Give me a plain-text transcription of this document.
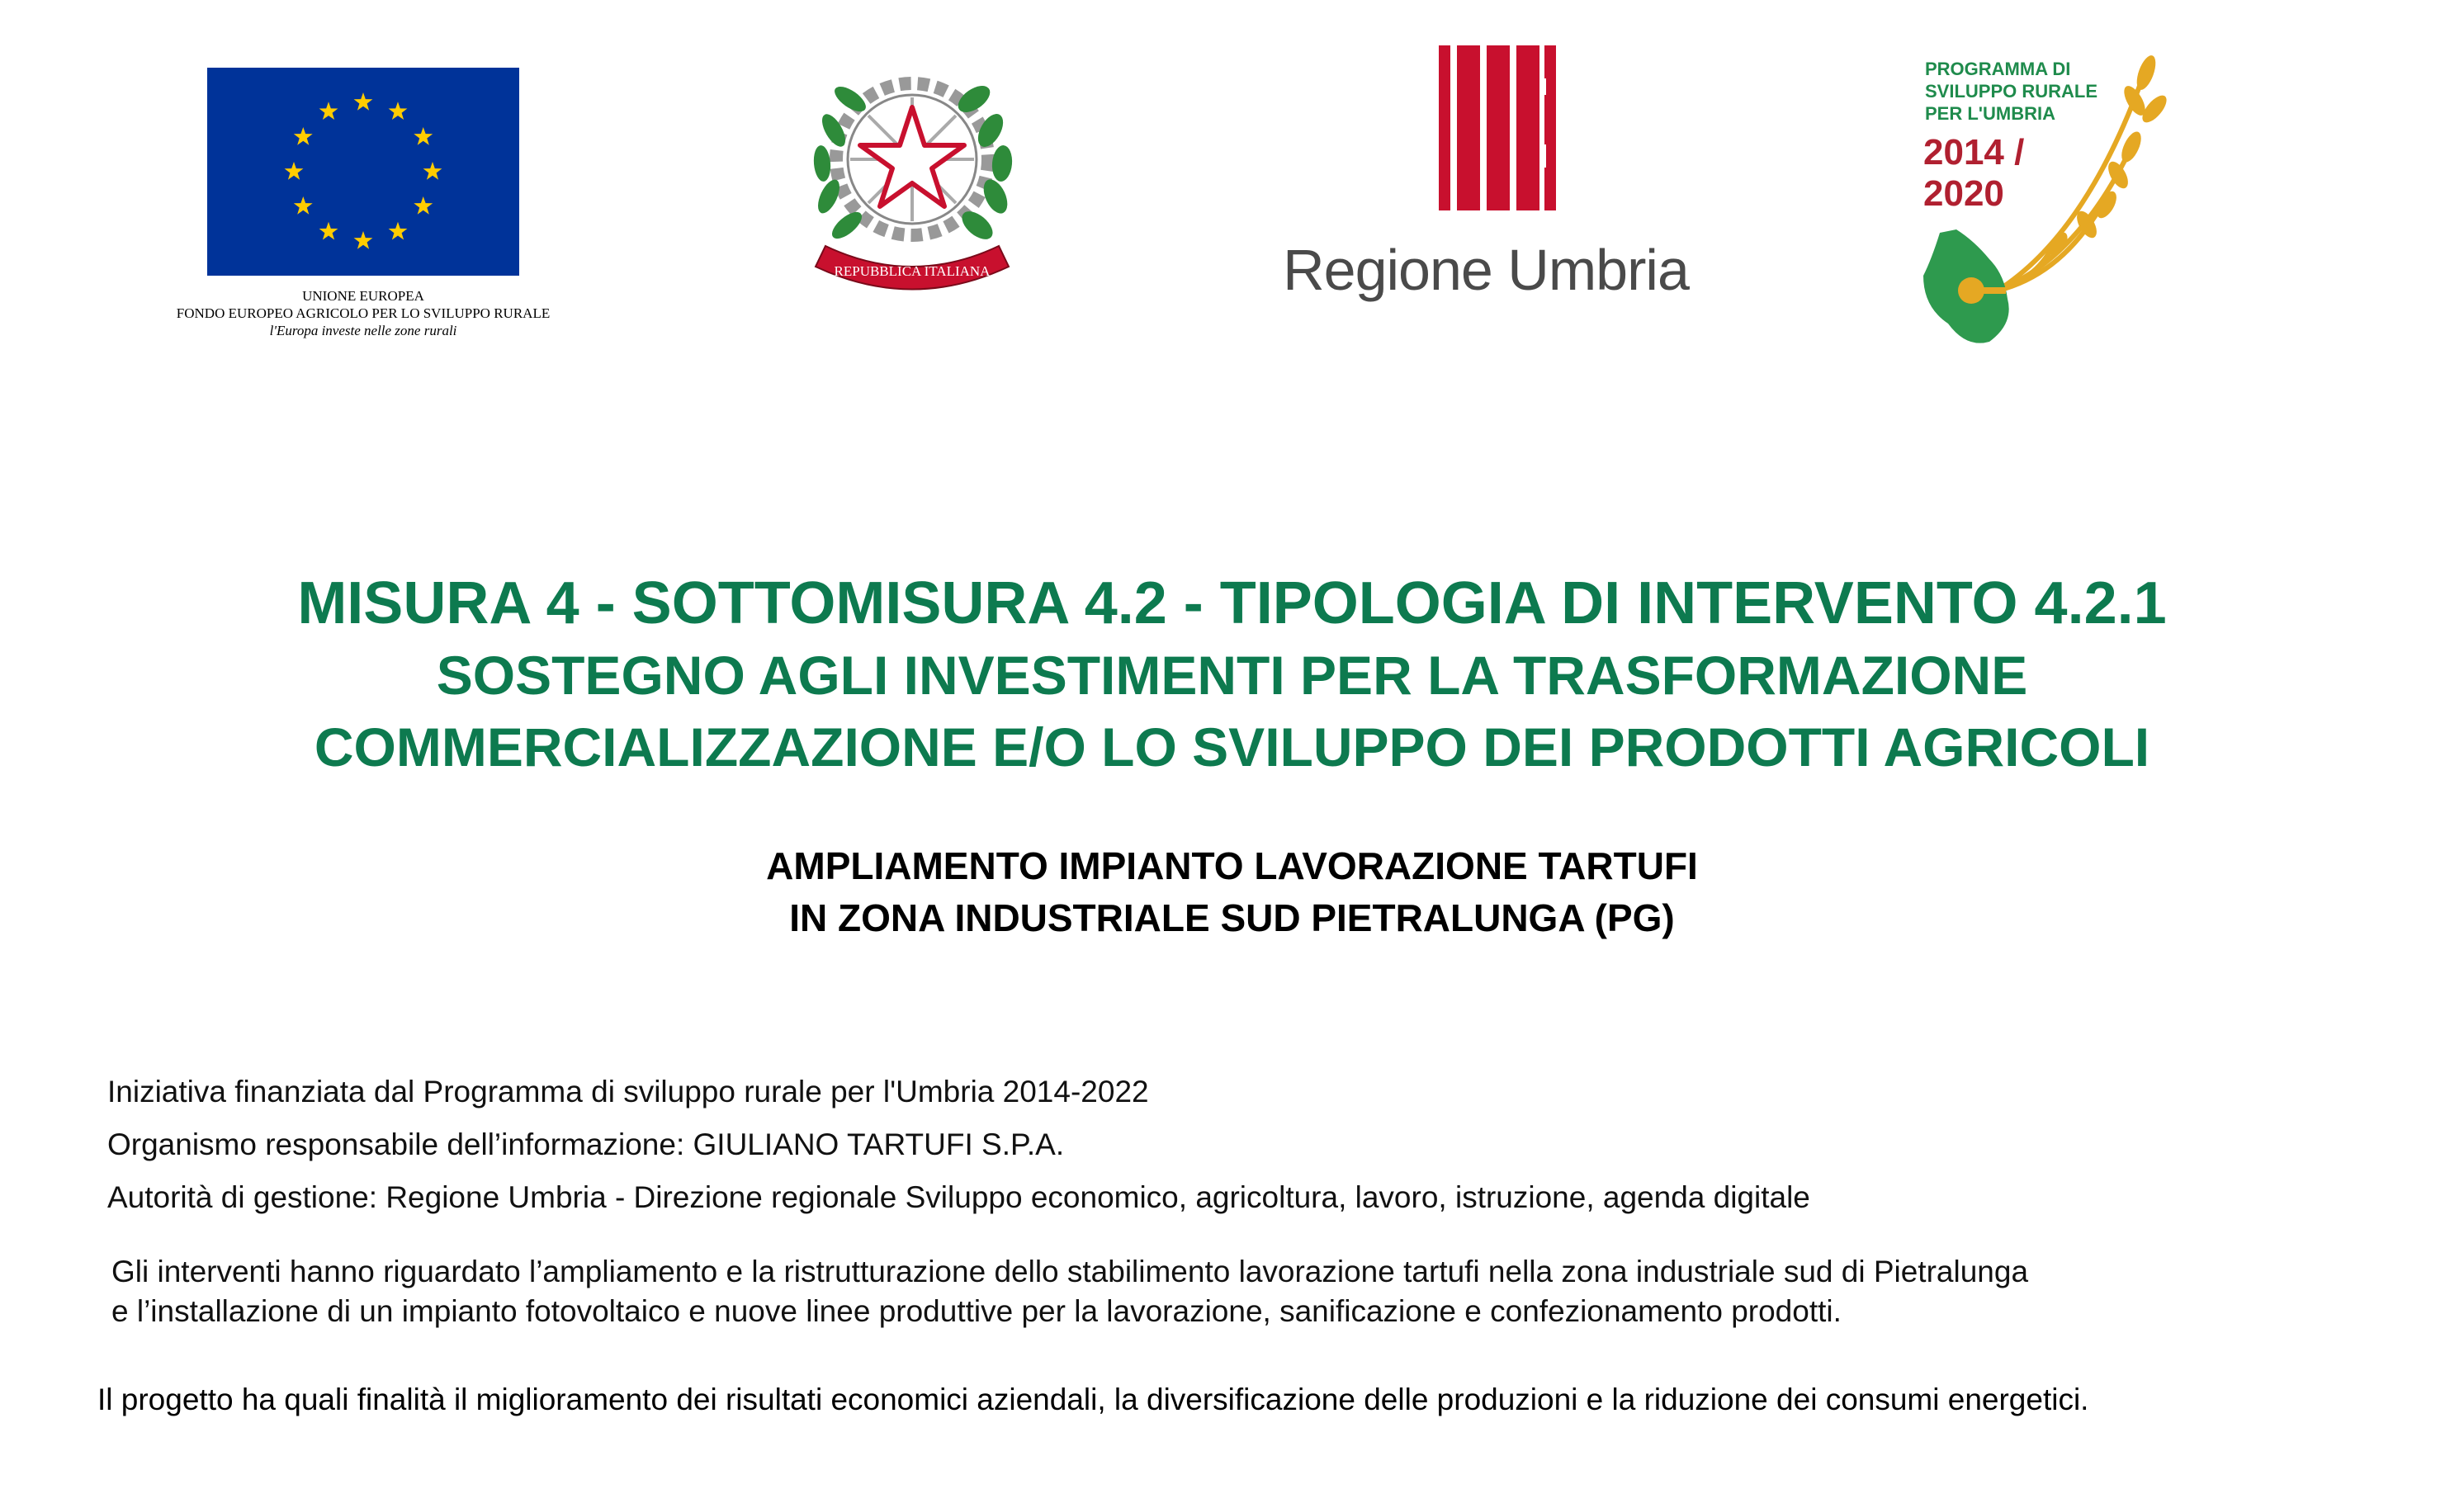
UNIONE EUROPEA
FONDO EUROPEO AGRICOLO PER LO SVILUPPO RURALE
l'Europa investe nelle zone rurali
REPUBBLICA ITALIANA	Regione Umbria
PROGRAMMA DI
SVILUPPO RURALE
PER L'UMBRIA
2014 /
2020
MISURA 4 - SOTTOMISURA 4.2 - TIPOLOGIA DI INTERVENTO 4.2.1
SOSTEGNO AGLI INVESTIMENTI PER LA TRASFORMAZIONE
COMMERCIALIZZAZIONE E/O LO SVILUPPO DEI PRODOTTI AGRICOLI
AMPLIAMENTO IMPIANTO LAVORAZIONE TARTUFI
IN ZONA INDUSTRIALE SUD PIETRALUNGA (PG)
Iniziativa finanziata dal Programma di sviluppo rurale per l'Umbria 2014-2022
Organismo responsabile dell’informazione: GIULIANO TARTUFI S.P.A.
Autorità di gestione: Regione Umbria - Direzione regionale Sviluppo economico, agricoltura, lavoro, istruzione, agenda digitale
Gli interventi hanno riguardato l’ampliamento e la ristrutturazione dello stabilimento lavorazione tartufi nella zona industriale sud di Pietralunga
e l’installazione di un impianto fotovoltaico e nuove linee produttive per la lavorazione, sanificazione e confezionamento prodotti.
Il progetto ha quali finalità il miglioramento dei risultati economici aziendali, la diversificazione delle produzioni e la riduzione dei consumi energetici.
